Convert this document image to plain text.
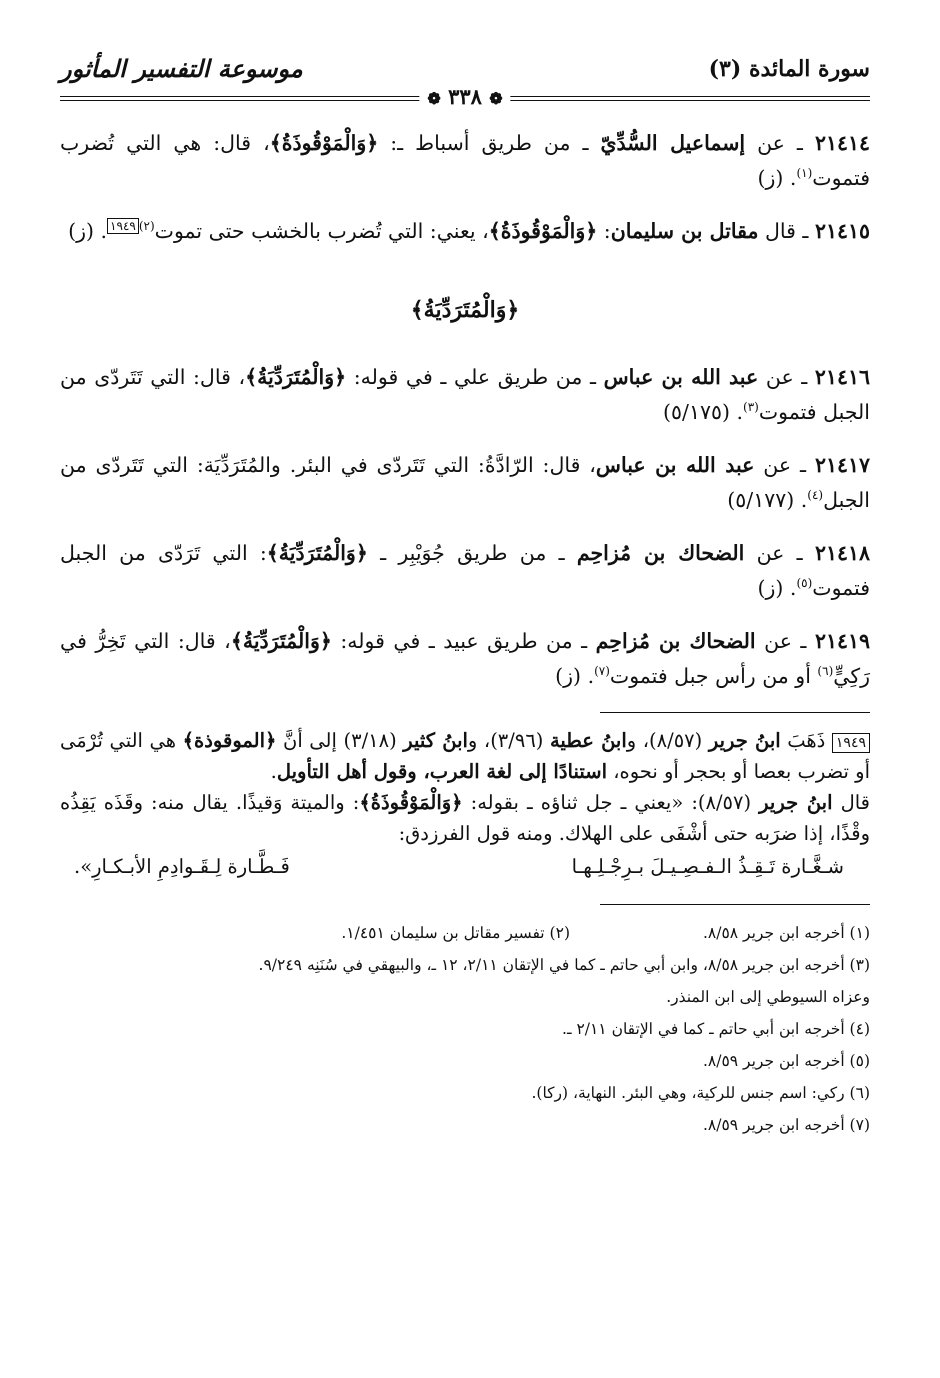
سورة المائدة (٣)
موسوعة التفسير المأثور
❁ ٣٣٨ ❁
٢١٤١٤ ـ عن إسماعيل السُّدِّيّ ـ من طريق أسباط ـ: ﴿وَالْمَوْقُوذَةُ﴾، قال: هي التي تُضرب فتموت$^{(١)}$. (ز)
٢١٤١٥ ـ قال مقاتل بن سليمان: ﴿وَالْمَوْقُوذَةُ﴾، يعني: التي تُضرب بالخشب حتى تموت$^{(٢)}$١٩٤٩. (ز)
﴿وَالْمُتَرَدِّيَةُ﴾
٢١٤١٦ ـ عن عبد الله بن عباس ـ من طريق علي ـ في قوله: ﴿وَالْمُتَرَدِّيَةُ﴾، قال: التي تَتَردّى من الجبل فتموت$^{(٣)}$. (٥/١٧٥)
٢١٤١٧ ـ عن عبد الله بن عباس، قال: الرّادَّةُ: التي تَتَردّى في البئر. والمُتَرَدِّيَة: التي تَتَردّى من الجبل$^{(٤)}$. (٥/١٧٧)
٢١٤١٨ ـ عن الضحاك بن مُزاحِم ـ من طريق جُوَيْبِر ـ ﴿وَالْمُتَرَدِّيَةُ﴾: التي تَرَدّى من الجبل فتموت$^{(٥)}$. (ز)
٢١٤١٩ ـ عن الضحاك بن مُزاحِم ـ من طريق عبيد ـ في قوله: ﴿وَالْمُتَرَدِّيَةُ﴾، قال: التي تَخِرُّ في رَكِيٍّ$^{(٦)}$ أو من رأس جبل فتموت$^{(٧)}$. (ز)
١٩٤٩ ذَهَبَ ابنُ جرير (٨/٥٧)، وابنُ عطية (٣/٩٦)، وابنُ كثير (٣/١٨) إلى أنَّ ﴿الموقوذة﴾ هي التي تُرْمَى أو تضرب بعصا أو بحجر أو نحوه، استنادًا إلى لغة العرب، وقول أهل التأويل.
قال ابنُ جرير (٨/٥٧): «يعني ـ جل ثناؤه ـ بقوله: ﴿وَالْمَوْقُوذَةُ﴾: والميتة وَقيذًا. يقال منه: وقَذَه يَقِذُه وقْذًا، إذا ضرَبه حتى أشْفَى على الهلاك. ومنه قول الفرزدق:
شـغَّـارة تَـقِـذُ الـفـصِـيـلَ بـرِجْـلِـهـا
فَـطَّـارة لِـقَـوادِمِ الأبـكـارِ».
(١) أخرجه ابن جرير ٨/٥٨.
(٢) تفسير مقاتل بن سليمان ١/٤٥١.
(٣) أخرجه ابن جرير ٨/٥٨، وابن أبي حاتم ـ كما في الإتقان ٢/١١، ١٢ ـ، والبيهقي في سُنَنِه ٩/٢٤٩.
وعزاه السيوطي إلى ابن المنذر.
(٤) أخرجه ابن أبي حاتم ـ كما في الإتقان ٢/١١ ـ.
(٥) أخرجه ابن جرير ٨/٥٩.
(٦) ركي: اسم جنس للركية، وهي البئر. النهاية، (ركا).
(٧) أخرجه ابن جرير ٨/٥٩.
